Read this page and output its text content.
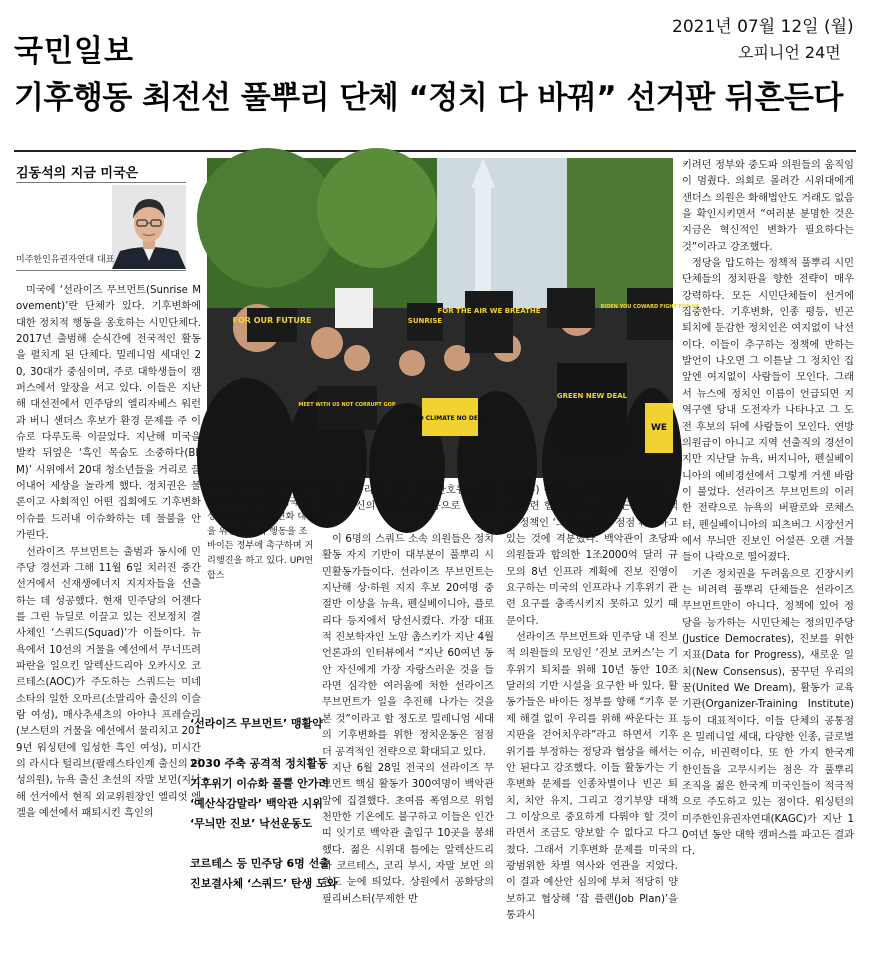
국민일보
2021년 07월 12일 (월)
오피니언 24면
기후행동 최전선 풀뿌리 단체 “정치 다 바꿔” 선거판 뒤흔든다
김동석의 지금 미국은
미주한인유권자연대 대표
FOR OUR FUTURE
FOR THE AIR WE BREATHE	BIDEN YOU COWARD FIGHT FOR US
MEET WITH US NOT CORRUPT GOP
NO CLIMATE NO DEAL
GREEN NEW DEAL
SUNRISE
WE
‘선라이즈 무브먼트’ 활동가들이 지난달 28일 미국 워싱턴DC에서 기후변화 대응을 위한 정치적 행동을 조 바이든 정부에 촉구하며 거리행진을 하고 있다. UPI연합스

미국에 ‘선라이즈 무브먼트(Sunrise Movement)’란 단체가 있다. 기후변화에 대한 정치적 행동을 옹호하는 시민단체다. 2017년 출범해 순식간에 전국적인 활동을 펼치게 된 단체다. 밀레니엄 세대인 20, 30대가 중심이며, 주로 대학생들이 캠퍼스에서 앞장을 서고 있다. 이들은 지난해 대선전에서 민주당의 엘리자베스 워런과 버니 샌더스 후보가 환경 문제를 주 이슈로 다루도록 이끌었다. 지난해 미국을 발칵 뒤엎은 ‘흑인 목숨도 소중하다(BLM)’ 시위에서 20대 청소년들을 거리로 끌어내어 세상을 놀라게 했다. 정치권은 물론이고 사회적인 어떤 집회에도 기후변화 이슈를 드러내 이슈화하는 데 물불을 안 가린다.

선라이즈 무브먼트는 출범과 동시에 민주당 경선과 그해 11월 6일 치러진 중간선거에서 신재생에너지 지지자들을 선출하는 데 성공했다. 현재 민주당의 어젠다를 그린 뉴딜로 이끌고 있는 진보정치 결사체인 ‘스쿼드(Squad)’가 이들이다. 뉴욕에서 10선의 거물을 예선에서 무너뜨려 파란을 일으킨 알렉산드리아 오카시오 코르테스(AOC)가 주도하는 스쿼드는 미네소타의 일한 오마르(소말리아 출신의 이슬람 여성), 매사추세츠의 아야나 프레슬리(보스턴의 거물을 예선에서 물리치고 2019년 워싱턴에 입성한 흑인 여성), 미시간의 라시다 털리브(팔레스타인계 출신의 여성의원), 뉴욕 출신 초선의 자말 보먼(지난해 선거에서 현직 외교위원장인 엘리엇 엥겔을 예선에서 패퇴시킨 흑인의

‘선라이즈 무브먼트’ 맹활약
2030 주축 공격적 정치활동
기후위기 이슈화 풀뿔 안가려
‘예산삭감말라’ 백악관 시위
‘무늬만 진보’ 낙선운동도
코르테스 등 민주당 6명 선출
진보결사체 ‘스쿼드’ 탄생 도와

원), 미주리의 코리 부시(간호원=조활동가 출신의 흑인 여성) 등으로 구성됐다.

이 6명의 스쿼드 소속 의원들은 정치활동 자지 기반이 대부분이 풀뿌리 시민활동가들이다. 선라이즈 무브먼트는 지난해 상·하원 지지 후보 20여명 중 절반 이상을 뉴욕, 펜실베이니아, 플로리다 등지에서 당선시켰다. 가장 대표적 진보학자인 노암 촘스키가 지난 4월 언론과의 인터뷰에서 “지난 60여년 동안 자신에게 가장 자랑스러운 것을 들라면 심각한 여러움에 처한 선라이즈 무브먼트가 일을 추진해 나가는 것을 본 것”이라고 할 정도로 밀레니엄 세대의 기후변화를 위한 정치운동은 점점 더 공격적인 전략으로 확대되고 있다.

지난 6월 28일 전국의 선라이즈 무브먼트 핵심 활동가 300여명이 백악관 앞에 집결했다. 초여름 폭염으로 위험천만한 기온에도 불구하고 이들은 인간 띠 잇기로 백악관 출입구 10곳을 봉쇄했다. 젊은 시위대 틈에는 알렉산드리아 코르테스, 코리 부시, 자말 보먼 의원도 눈에 띄었다. 상원에서 공화당의 필리버스터(무제한 반

대토론) 문턱을 넘기 위한 백악관의 예산 관련 협상안이 조 바이든 정부의 핵심 정책인 ‘그린 뉴딜’을 점점 훼손하고 있는 것에 격분했다. 백악관이 초당파 의원들과 합의한 1조2000억 달러 규모의 8년 인프라 계획에 진보 진영이 요구하는 미국의 인프라나 기후위기 관련 요구를 충족시키지 못하고 있기 때문이다.

선라이즈 무브먼트와 민주당 내 진보적 의원들의 모임인 ‘진보 코커스’는 기후위기 퇴치를 위해 10년 동안 10조 달러의 기반 시설을 요구한 바 있다. 활동가들은 바이든 정부를 향해 “기후 문제 해결 없이 우리를 위해 싸운다는 표지판을 걷어치우라”라고 하면서 기후위기를 부정하는 정당과 협상을 해서는 안 된다고 강조했다. 이들 활동가는 기후변화 문제를 인종차별이나 빈곤 퇴치, 치안 유지, 그리고 경기부양 대책 그 이상으로 중요하게 다뤄야 할 것이라면서 조금도 양보할 수 없다고 다그쳤다. 그래서 기후변화 문제를 미국의 광범위한 차별 역사와 연관을 지었다. 이 결과 예산안 심의에 부쳐 적당히 양보하고 협상해 ‘잡 플랜(Job Plan)’을 통과시

키려던 정부와 중도파 의원들의 움직임이 멈췄다. 의회로 몰려간 시위대에게 샌더스 의원은 화해법안도 거래도 없음을 확인시키면서 “여러분 분명한 것은 지금은 혁신적인 변화가 필요하다는 것”이라고 강조했다.

정당을 압도하는 정책적 풀뿌리 시민단체들의 정치판을 향한 전략이 매우 강력하다. 모든 시민단체들이 선거에 집중한다. 기후변화, 인종 평등, 빈곤 퇴치에 둔감한 정치인은 여지없이 낙선이다. 이들이 추구하는 정책에 반하는 발언이 나오면 그 이튿날 그 정치인 집 앞엔 여지없이 사람들이 모인다. 그래서 뉴스에 정치인 이름이 언급되면 지역구엔 당내 도전자가 나타나고 그 도전 후보의 뒤에 사람들이 모인다. 연방의원급이 아니고 지역 선출직의 경선이지만 지난달 뉴욕, 버지니아, 펜실베이니아의 예비경선에서 그렇게 거센 바람이 불었다. 선라이즈 무브먼트의 이러한 전략으로 뉴욕의 버팔로와 로체스터, 펜실베이니아의 피츠버그 시장선거에서 무늬만 진보인 어설픈 오랜 거물들이 나락으로 떨어졌다.

기존 정치권을 두려움으로 긴장시키는 비려력 풀뿌리 단체들은 선라이즈 무브먼트만이 아니다. 정책에 있어 정당을 능가하는 시민단체는 정의민주당(Justice Democrates), 진보를 위한 지표(Data for Progress), 새로운 일치(New Consensus), 꿈꾸던 우리의 꿈(United We Dream), 활동가 교육기관(Organizer-Training Institute) 등이 대표적이다. 이들 단체의 공통점은 밀레니얼 세대, 다양한 인종, 글로벌 이슈, 비권력이다. 또 한 가지 한국계 한인들을 고무시키는 점은 각 풀뿌리 조직을 젊은 한국계 미국인들이 적극적으로 주도하고 있는 점이다. 워싱턴의 미주한인유권자연대(KAGC)가 지난 10여년 동안 대학 캠퍼스를 파고든 결과다.
